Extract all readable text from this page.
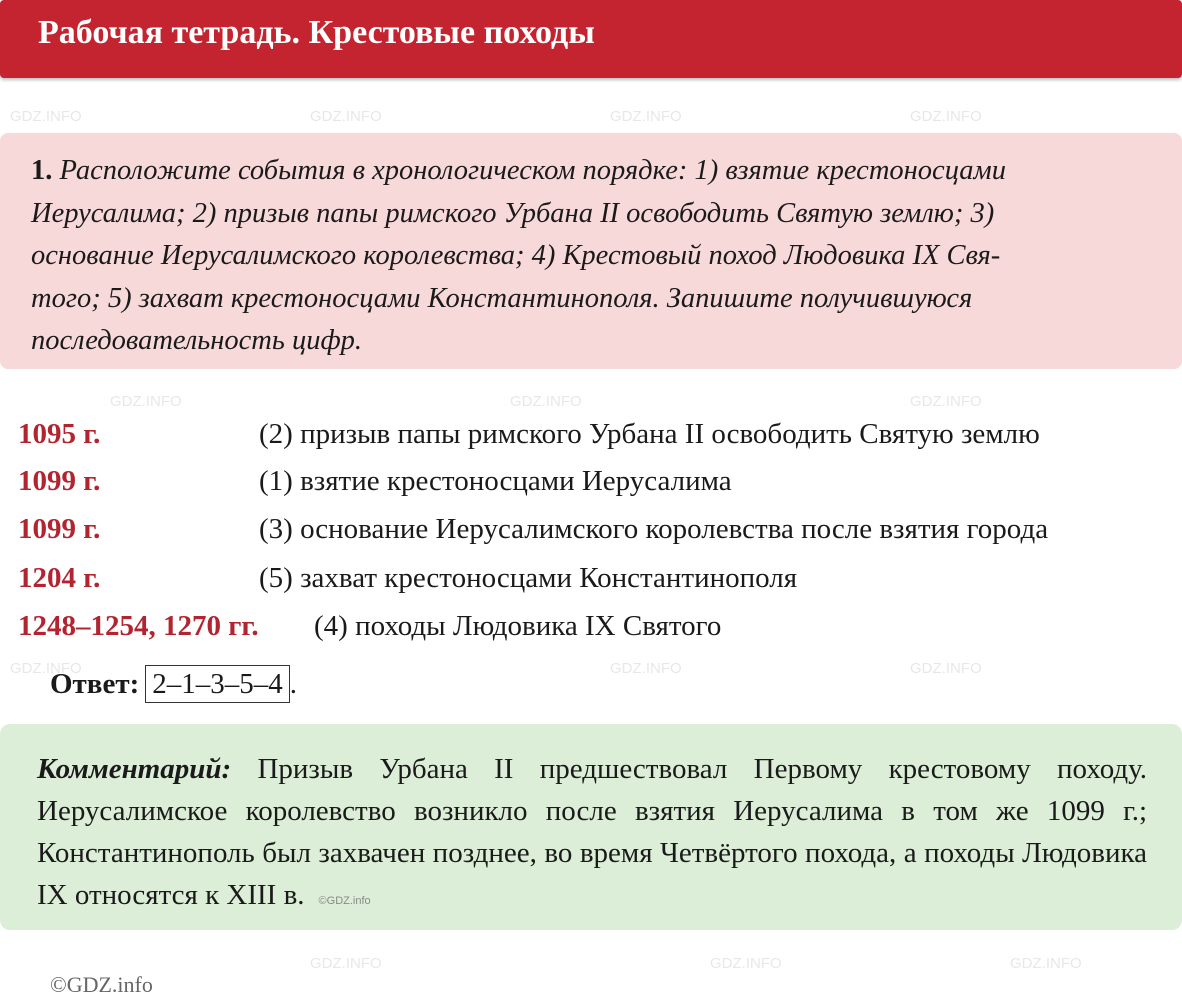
Рабочая тетрадь. Крестовые походы
1. Расположите события в хронологическом порядке: 1) взятие крестоносцами
Иерусалима; 2) призыв папы римского Урбана II освободить Святую землю; 3)
основание Иерусалимского королевства; 4) Крестовый поход Людовика IX Свя-
того; 5) захват крестоносцами Константинополя. Запишите получившуюся
последовательность цифр.
1095 г.	(2) призыв папы римского Урбана II освободить Святую землю
1099 г.	(1) взятие крестоносцами Иерусалима
1099 г.	(3) основание Иерусалимского королевства после взятия города
1204 г.	(5) захват крестоносцами Константинополя
1248–1254, 1270 гг. (4) походы Людовика IX Святого
Ответ: 2–1–3–5–4 .
Комментарий: Призыв Урбана II предшествовал Первому крестовому походу. Иерусалимское королевство возникло после взятия Иерусалима в том же 1099 г.; Константинополь был захвачен позднее, во время Четвёртого похода, а походы Людовика IX относятся к XIII в. ©GDZ.info
GDZ.INFO	GDZ.INFO	GDZ.INFO	GDZ.INFO
GDZ.INFO	GDZ.INFO	GDZ.INFO
GDZ.INFO	GDZ.INFO	GDZ.INFO
GDZ.INFO	GDZ.INFO	GDZ.INFO
©GDZ.info
